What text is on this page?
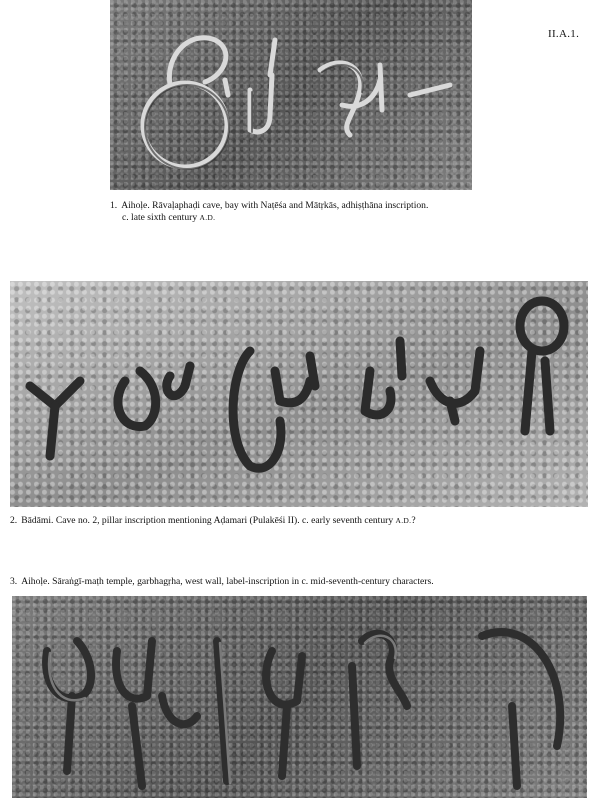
II.A.1.
1. Aihoḷe. Rāvaḷaphaḍi cave, bay with Naṭēśa and Mātṛkās, adhiṣṭhāna inscription.
c. late sixth century A.D.
2. Bādāmi. Cave no. 2, pillar inscription mentioning Aḍamari (Pulakēśi II). c. early seventh century A.D.?
3. Aihoḷe. Sāraṅgī-maṭh temple, garbhagṛha, west wall, label-inscription in c. mid-seventh-century characters.
